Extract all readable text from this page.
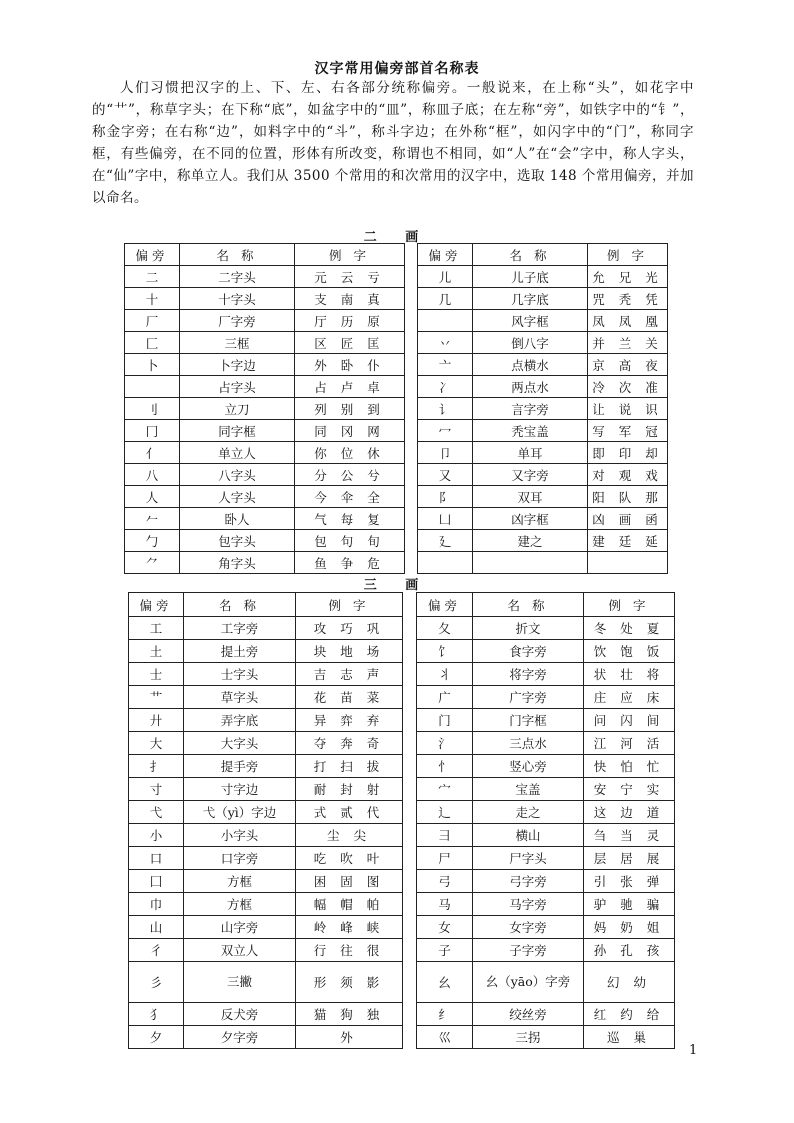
汉字常用偏旁部首名称表
人们习惯把汉字的上、下、左、右各部分统称偏旁。一般说来，在上称“头”，如花字中的“艹”，称草字头；在下称“底”，如盆字中的“皿”，称皿子底；在左称“旁”，如铁字中的“钅”，称金字旁；在右称“边”，如料字中的“斗”，称斗字边；在外称“框”，如闪字中的“门”，称同字框，有些偏旁，在不同的位置，形体有所改变，称谓也不相同，如“人”在“会”字中，称人字头，在“仙”字中，称单立人。我们从 3500 个常用的和次常用的汉字中，选取 148 个常用偏旁，并加以命名。
二 画
偏旁	名 称	例 字		偏旁	名 称	例 字
二	二字头	元 云 亏		儿	儿子底	允 兄 光
十	十字头	支 南 真		几	几字底	咒 秃 凭
厂	厂字旁	厅 历 原			风字框	凤 凤 凰
匚	三框	区 匠 匡		丷	倒八字	并 兰 关
卜	卜字边	外 卧 仆		亠	点横水	京 高 夜
	占字头	占 卢 卓		冫	两点水	冷 次 准
刂	立刀	列 别 到		讠	言字旁	让 说 识
冂	同字框	同 冈 网		冖	秃宝盖	写 军 冠
亻	单立人	你 位 休		卩	单耳	即 印 却
八	八字头	分 公 兮		又	又字旁	对 观 戏
人	人字头	今 伞 全		阝	双耳	阳 队 那
𠂉	卧人	气 每 复		凵	凶字框	凶 画 函
勹	包字头	包 句 旬		廴	建之	建 廷 延
⺈	角字头	鱼 争 危				
三 画
偏旁	名 称	例 字		偏旁	名 称	例 字
工	工字旁	攻 巧 巩		夂	折文	冬 处 夏
土	提土旁	块 地 场		饣	食字旁	饮 饱 饭
士	士字头	吉 志 声		丬	将字旁	状 壮 将
艹	草字头	花 苗 菜		广	广字旁	庄 应 床
廾	弄字底	异 弈 弃		门	门字框	问 闪 间
大	大字头	夺 奔 奇		氵	三点水	江 河 活
扌	提手旁	打 扫 拔		忄	竖心旁	快 怕 忙
寸	寸字边	耐 封 射		宀	宝盖	安 宁 实
弋	弋（yì）字边	式 贰 代		辶	走之	这 边 道
小	小字头	尘 尖		彐	横山	刍 当 灵
口	口字旁	吃 吹 叶		尸	尸字头	层 居 展
囗	方框	困 固 图		弓	弓字旁	引 张 弹
巾	方框	幅 帽 帕		马	马字旁	驴 驰 骗
山	山字旁	岭 峰 峡		女	女字旁	妈 奶 姐
彳	双立人	行 往 很		子	子字旁	孙 孔 孩
彡	三撇	形 须 影		幺	幺（yāo）字旁	幻 幼
犭	反犬旁	猫 狗 独		纟	绞丝旁	红 约 给
夕	夕字旁	外		巛	三拐	巡 巢
1
